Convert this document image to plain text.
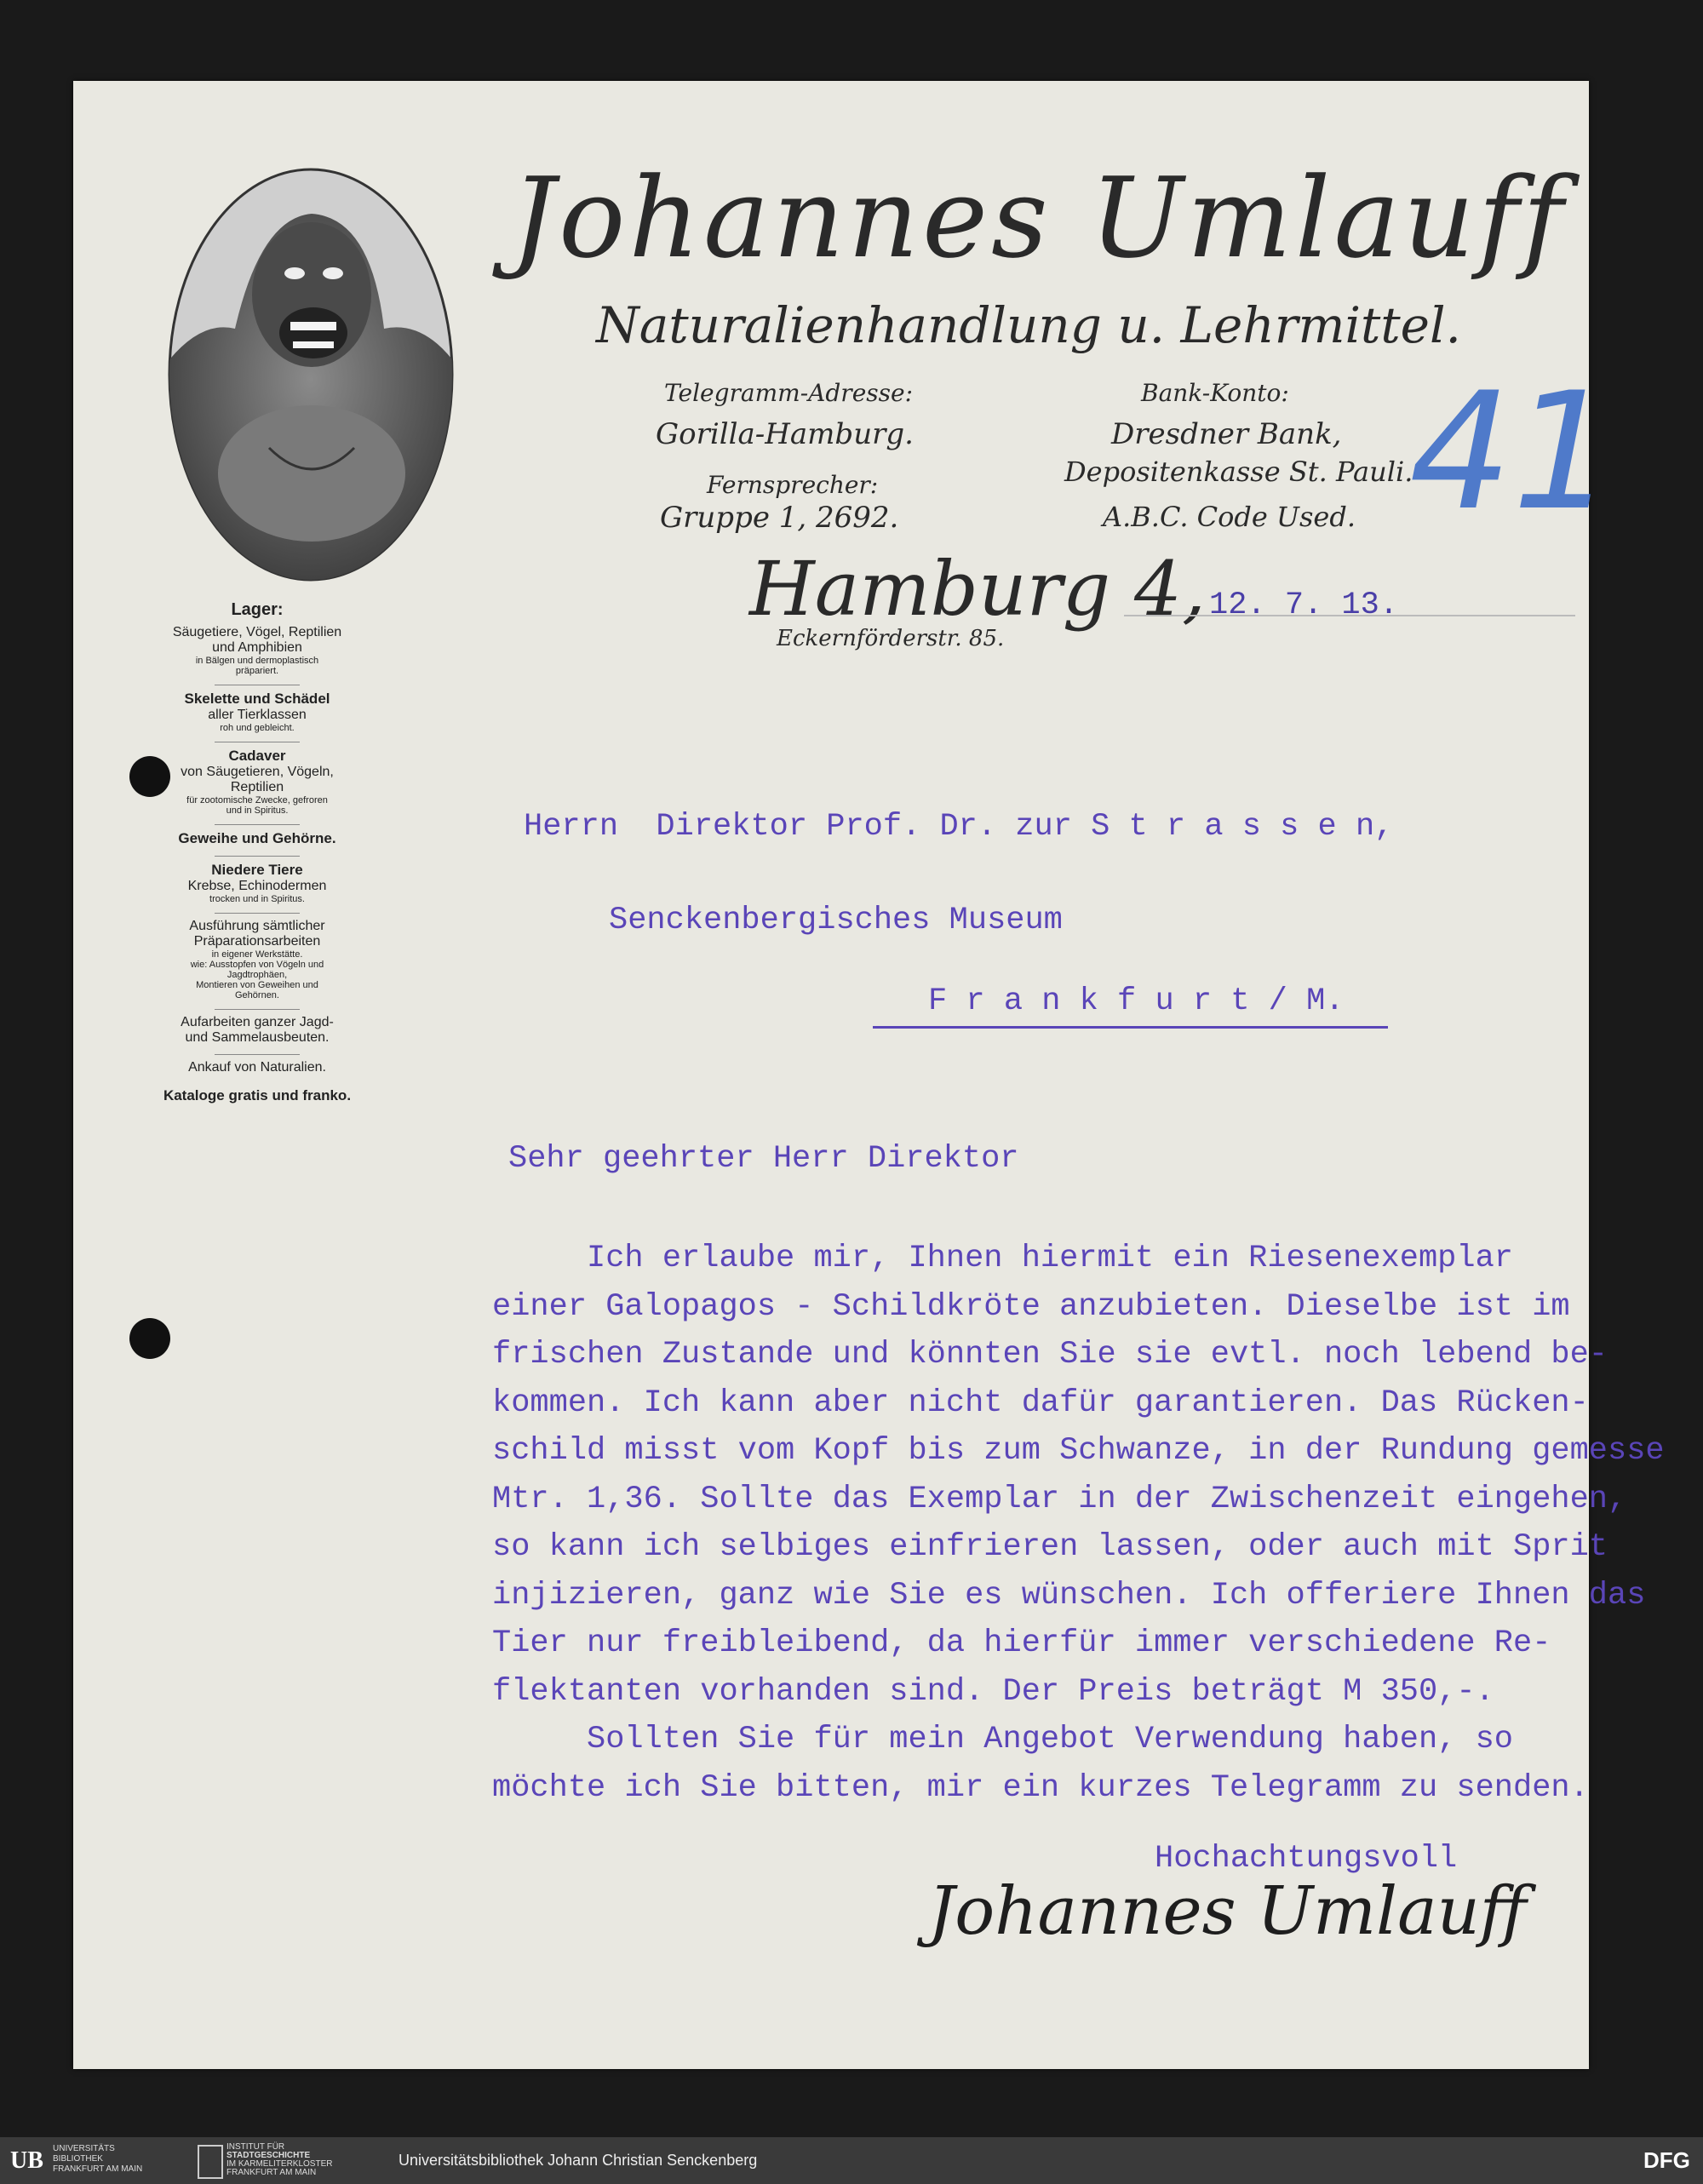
Johannes Umlauff
Naturalienhandlung u. Lehrmittel.
Telegramm-Adresse:
Gorilla-Hamburg.
Fernsprecher:
Gruppe 1, 2692.
Bank-Konto:
Dresdner Bank,
Depositenkasse St. Pauli.
A.B.C. Code Used. 41
Hamburg 4, 12. 7. 13.
Eckernförderstr. 85.
Lager:
Säugetiere, Vögel, Reptilien
und Amphibien
in Bälgen und dermoplastisch
präpariert.
Skelette und Schädel
aller Tierklassen
roh und gebleicht.
Cadaver
von Säugetieren, Vögeln,
Reptilien
für zootomische Zwecke, gefroren
und in Spiritus.
Geweihe und Gehörne.
Niedere Tiere
Krebse, Echinodermen
trocken und in Spiritus.
Ausführung sämtlicher
Präparationsarbeiten
in eigener Werkstätte.
wie: Ausstopfen von Vögeln und
Jagdtrophäen,
Montieren von Geweihen und
Gehörnen.
Aufarbeiten ganzer Jagd-
und Sammelausbeuten.
Ankauf von Naturalien.
Kataloge gratis und franko.
Herrn  Direktor Prof. Dr. zur S t r a s s e n,
Senckenbergisches Museum
F r a n k f u r t / M.
Sehr geehrter Herr Direktor
Ich erlaube mir, Ihnen hiermit ein Riesenexemplar
einer Galopagos - Schildkröte anzubieten. Dieselbe ist im
frischen Zustande und könnten Sie sie evtl. noch lebend be-
kommen. Ich kann aber nicht dafür garantieren. Das Rücken-
schild misst vom Kopf bis zum Schwanze, in der Rundung gemesse
Mtr. 1,36. Sollte das Exemplar in der Zwischenzeit eingehen,
so kann ich selbiges einfrieren lassen, oder auch mit Sprit
injizieren, ganz wie Sie es wünschen. Ich offeriere Ihnen das
Tier nur freibleibend, da hierfür immer verschiedene Re-
flektanten vorhanden sind. Der Preis beträgt M 350,-.
Sollten Sie für mein Angebot Verwendung haben, so
möchte ich Sie bitten, mir ein kurzes Telegramm zu senden.
Hochachtungsvoll
Johannes Umlauff
UB UNIVERSITÄTS
BIBLIOTHEK
FRANKFURT AM MAIN
INSTITUT FÜR
STADTGESCHICHTE
IM KARMELITERKLOSTER
FRANKFURT AM MAIN
Universitätsbibliothek Johann Christian Senckenberg	DFG
